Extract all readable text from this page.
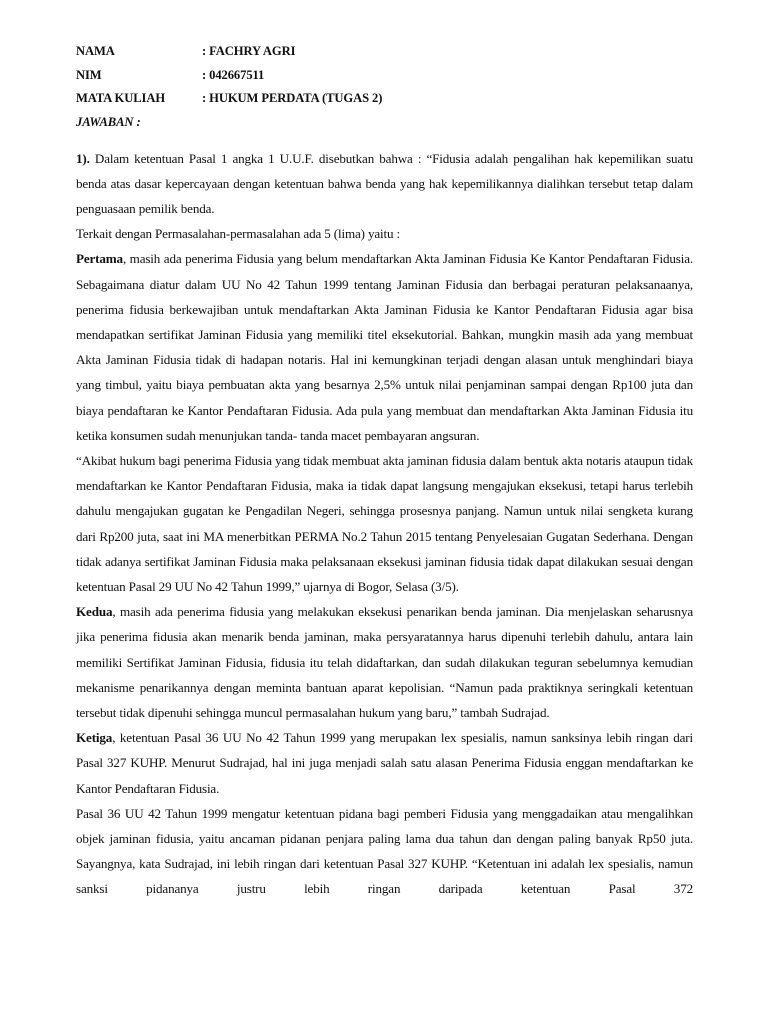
NAMA	: FACHRY AGRI
NIM	: 042667511
MATA KULIAH	: HUKUM PERDATA (TUGAS 2)
JAWABAN :

1). Dalam ketentuan Pasal 1 angka 1 U.U.F. disebutkan bahwa : “Fidusia adalah pengalihan hak kepemilikan suatu benda atas dasar kepercayaan dengan ketentuan bahwa benda yang hak kepemilikannya dialihkan tersebut tetap dalam penguasaan pemilik benda.

Terkait dengan Permasalahan-permasalahan ada 5 (lima) yaitu :

Pertama, masih ada penerima Fidusia yang belum mendaftarkan Akta Jaminan Fidusia Ke Kantor Pendaftaran Fidusia. Sebagaimana diatur dalam UU No 42 Tahun 1999 tentang Jaminan Fidusia dan berbagai peraturan pelaksanaanya, penerima fidusia berkewajiban untuk mendaftarkan Akta Jaminan Fidusia ke Kantor Pendaftaran Fidusia agar bisa mendapatkan sertifikat Jaminan Fidusia yang memiliki titel eksekutorial. Bahkan, mungkin masih ada yang membuat Akta Jaminan Fidusia tidak di hadapan notaris. Hal ini kemungkinan terjadi dengan alasan untuk menghindari biaya yang timbul, yaitu biaya pembuatan akta yang besarnya 2,5% untuk nilai penjaminan sampai dengan Rp100 juta dan biaya pendaftaran ke Kantor Pendaftaran Fidusia. Ada pula yang membuat dan mendaftarkan Akta Jaminan Fidusia itu ketika konsumen sudah menunjukan tanda- tanda macet pembayaran angsuran.

“Akibat hukum bagi penerima Fidusia yang tidak membuat akta jaminan fidusia dalam bentuk akta notaris ataupun tidak mendaftarkan ke Kantor Pendaftaran Fidusia, maka ia tidak dapat langsung mengajukan eksekusi, tetapi harus terlebih dahulu mengajukan gugatan ke Pengadilan Negeri, sehingga prosesnya panjang. Namun untuk nilai sengketa kurang dari Rp200 juta, saat ini MA menerbitkan PERMA No.2 Tahun 2015 tentang Penyelesaian Gugatan Sederhana. Dengan tidak adanya sertifikat Jaminan Fidusia maka pelaksanaan eksekusi jaminan fidusia tidak dapat dilakukan sesuai dengan ketentuan Pasal 29 UU No 42 Tahun 1999,” ujarnya di Bogor, Selasa (3/5).

Kedua, masih ada penerima fidusia yang melakukan eksekusi penarikan benda jaminan. Dia menjelaskan seharusnya jika penerima fidusia akan menarik benda jaminan, maka persyaratannya harus dipenuhi terlebih dahulu, antara lain memiliki Sertifikat Jaminan Fidusia, fidusia itu telah didaftarkan, dan sudah dilakukan teguran sebelumnya kemudian mekanisme penarikannya dengan meminta bantuan aparat kepolisian. “Namun pada praktiknya seringkali ketentuan tersebut tidak dipenuhi sehingga muncul permasalahan hukum yang baru,” tambah Sudrajad.

Ketiga, ketentuan Pasal 36 UU No 42 Tahun 1999 yang merupakan lex spesialis, namun sanksinya lebih ringan dari Pasal 327 KUHP. Menurut Sudrajad, hal ini juga menjadi salah satu alasan Penerima Fidusia enggan mendaftarkan ke Kantor Pendaftaran Fidusia.

Pasal 36 UU 42 Tahun 1999 mengatur ketentuan pidana bagi pemberi Fidusia yang menggadaikan atau mengalihkan objek jaminan fidusia, yaitu ancaman pidanan penjara paling lama dua tahun dan dengan paling banyak Rp50 juta. Sayangnya, kata Sudrajad, ini lebih ringan dari ketentuan Pasal 327 KUHP. “Ketentuan ini adalah lex spesialis, namun sanksi pidananya justru lebih ringan daripada ketentuan Pasal 372
